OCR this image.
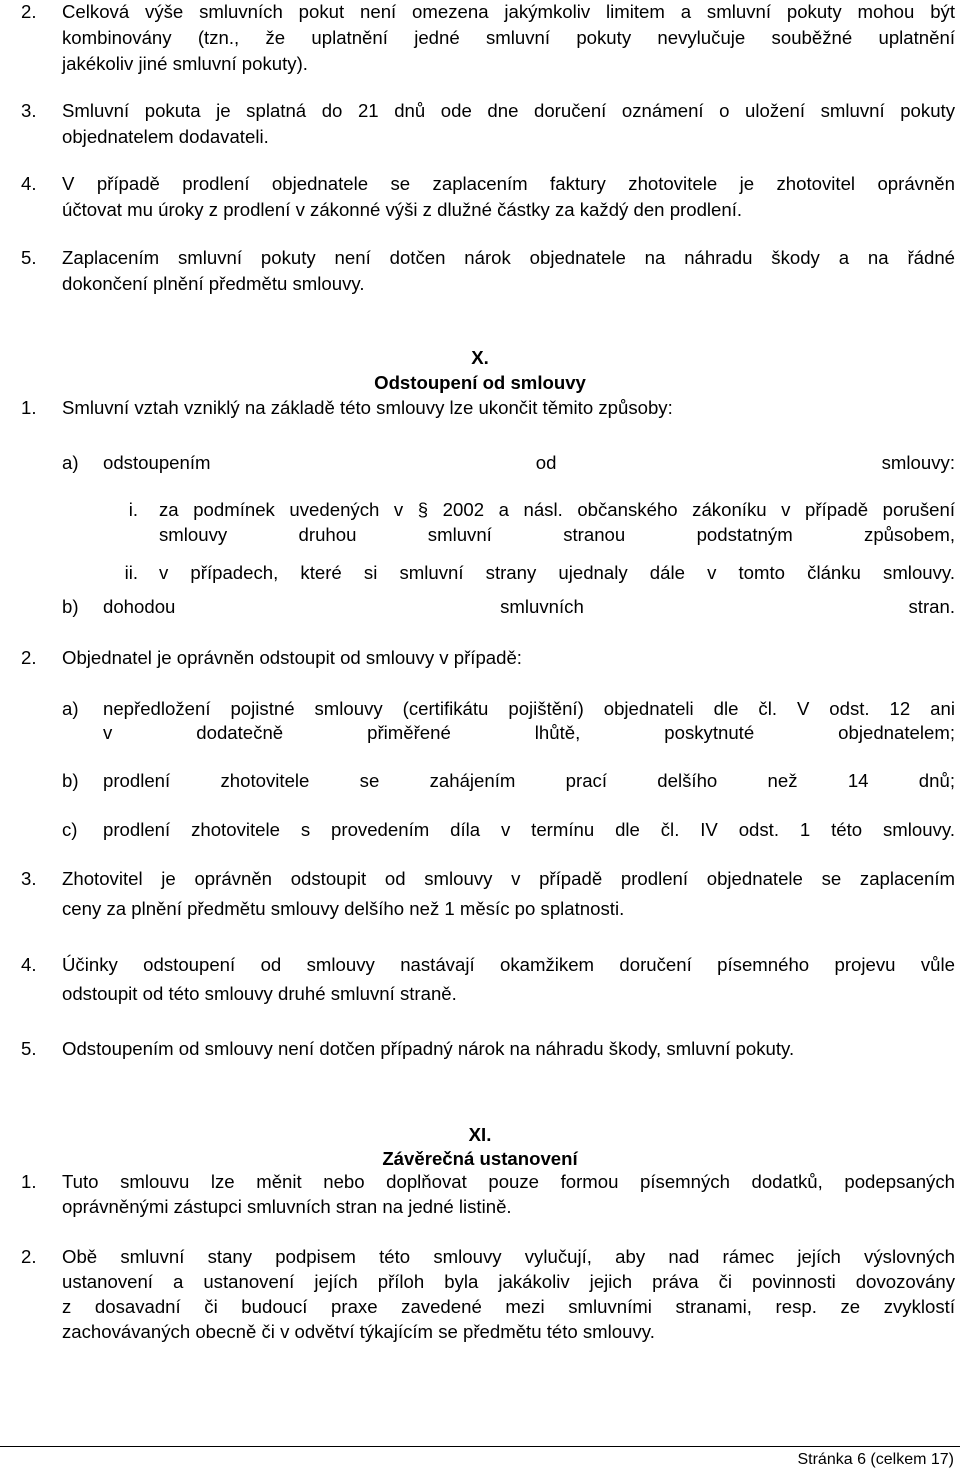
2. Celková výše smluvních pokut není omezena jakýmkoliv limitem a smluvní pokuty mohou být
kombinovány (tzn., že uplatnění jedné smluvní pokuty nevylučuje souběžné uplatnění
jakékoliv jiné smluvní pokuty).
3. Smluvní pokuta je splatná do 21 dnů ode dne doručení oznámení o uložení smluvní pokuty
objednatelem dodavateli.
4. V případě prodlení objednatele se zaplacením faktury zhotovitele je zhotovitel oprávněn
účtovat mu úroky z prodlení v zákonné výši z dlužné částky za každý den prodlení.
5. Zaplacením smluvní pokuty není dotčen nárok objednatele na náhradu škody a na řádné
dokončení plnění předmětu smlouvy.
X.
Odstoupení od smlouvy
1. Smluvní vztah vzniklý na základě této smlouvy lze ukončit těmito způsoby:
a) odstoupením od smlouvy:
i. za podmínek uvedených v § 2002 a násl. občanského zákoníku v případě porušení
smlouvy druhou smluvní stranou podstatným způsobem,
ii. v případech, které si smluvní strany ujednaly dále v tomto článku smlouvy.
b) dohodou smluvních stran.
2. Objednatel je oprávněn odstoupit od smlouvy v případě:
a) nepředložení pojistné smlouvy (certifikátu pojištění) objednateli dle čl. V odst. 12 ani
v dodatečně přiměřené lhůtě, poskytnuté objednatelem;
b) prodlení zhotovitele se zahájením prací delšího než 14 dnů;
c) prodlení zhotovitele s provedením díla v termínu dle čl. IV odst. 1 této smlouvy.
3. Zhotovitel je oprávněn odstoupit od smlouvy v případě prodlení objednatele se zaplacením
ceny za plnění předmětu smlouvy delšího než 1 měsíc po splatnosti.
4. Účinky odstoupení od smlouvy nastávají okamžikem doručení písemného projevu vůle
odstoupit od této smlouvy druhé smluvní straně.
5. Odstoupením od smlouvy není dotčen případný nárok na náhradu škody, smluvní pokuty.
XI.
Závěrečná ustanovení
1. Tuto smlouvu lze měnit nebo doplňovat pouze formou písemných dodatků, podepsaných
oprávněnými zástupci smluvních stran na jedné listině.
2. Obě smluvní stany podpisem této smlouvy vylučují, aby nad rámec jejích výslovných
ustanovení a ustanovení jejích příloh byla jakákoliv jejich práva či povinnosti dovozovány
z dosavadní či budoucí praxe zavedené mezi smluvními stranami, resp. ze zvyklostí
zachovávaných obecně či v odvětví týkajícím se předmětu této smlouvy.
Stránka 6 (celkem 17)
